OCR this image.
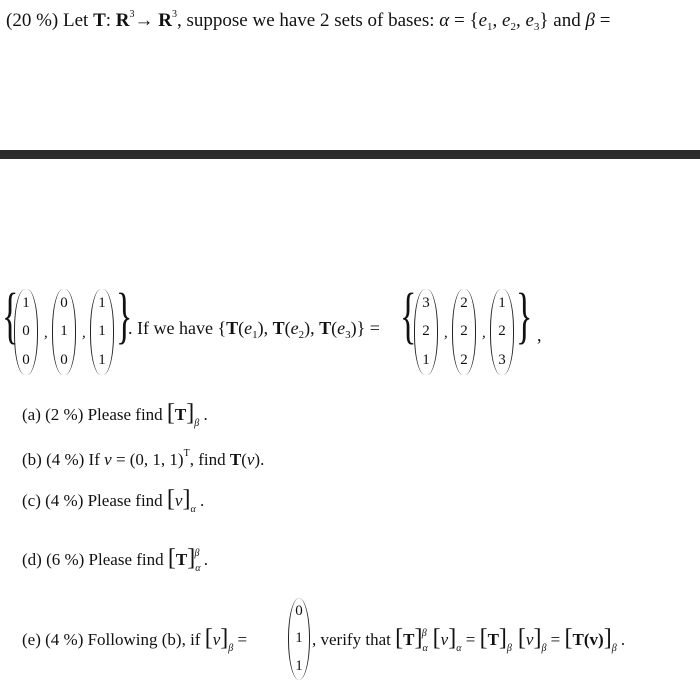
(20 %) Let T: $R^3\to R^3$, suppose we have 2 sets of bases: $\alpha = \{e_1$, $e_2$, $e_3$} and β =
{ 1
0
0
,
0
1
0
,
1
1
1
}
. If we have {$T(e_1)$, $T(e_2)$, $T(e_3)$} = { 3
2
1
,
2
2
2
,
1
2
3
} ,
(a) (2 %) Please find $[T]_\beta$ .
(b) (4 %) If v = (0, 1, 1)$^T$, find T(v).
(c) (4 %) Please find $[v]_\alpha$ .
(d) (6 %) Please find $[T]_\alpha^\beta$ .
(e) (4 %) Following (b), if $[v]_\beta$ =
0
1
1
, verify that $[T]_\alpha^\beta$ $[v]_\alpha = [T]_\beta$ $[v]_\beta = [T(v)]_\beta$ .
